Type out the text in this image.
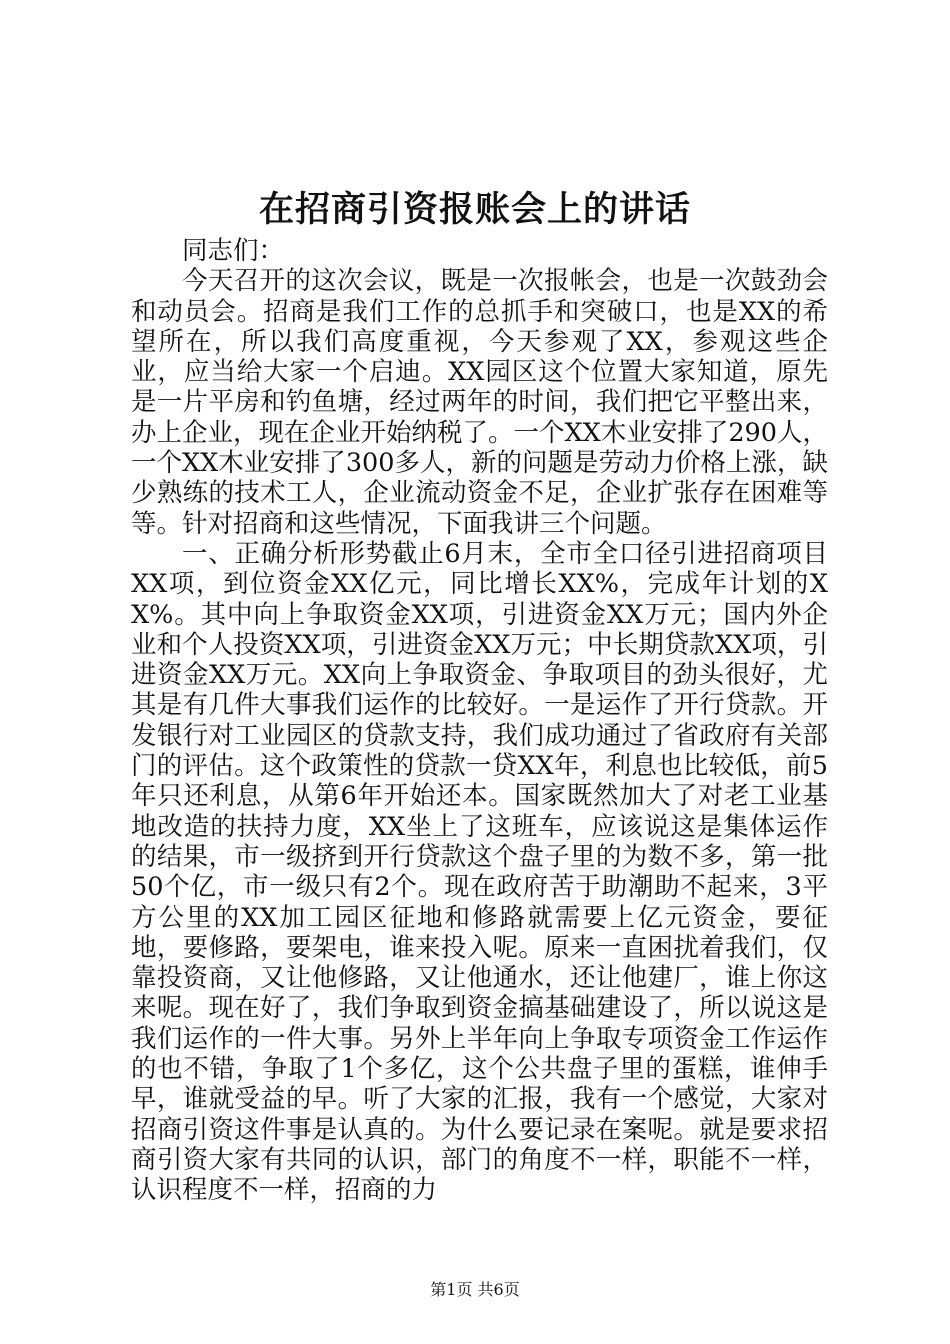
在招商引资报账会上的讲话

同志们：

今天召开的这次会议，既是一次报帐会，也是一次鼓劲会和动员会。招商是我们工作的总抓手和突破口，也是XX的希望所在，所以我们高度重视，今天参观了XX，参观这些企业，应当给大家一个启迪。XX园区这个位置大家知道，原先是一片平房和钓鱼塘，经过两年的时间，我们把它平整出来，办上企业，现在企业开始纳税了。一个XX木业安排了290人，一个XX木业安排了300多人，新的问题是劳动力价格上涨，缺少熟练的技术工人，企业流动资金不足，企业扩张存在困难等等。针对招商和这些情况，下面我讲三个问题。

一、正确分析形势截止6月末，全市全口径引进招商项目XX项，到位资金XX亿元，同比增长XX%，完成年计划的XX%。其中向上争取资金XX项，引进资金XX万元；国内外企业和个人投资XX项，引进资金XX万元；中长期贷款XX项，引进资金XX万元。XX向上争取资金、争取项目的劲头很好，尤其是有几件大事我们运作的比较好。一是运作了开行贷款。开发银行对工业园区的贷款支持，我们成功通过了省政府有关部门的评估。这个政策性的贷款一贷XX年，利息也比较低，前5年只还利息，从第6年开始还本。国家既然加大了对老工业基地改造的扶持力度，XX坐上了这班车，应该说这是集体运作的结果，市一级挤到开行贷款这个盘子里的为数不多，第一批50个亿，市一级只有2个。现在政府苦于助潮助不起来，3平方公里的XX加工园区征地和修路就需要上亿元资金，要征地，要修路，要架电，谁来投入呢。原来一直困扰着我们，仅靠投资商，又让他修路，又让他通水，还让他建厂，谁上你这来呢。现在好了，我们争取到资金搞基础建设了，所以说这是我们运作的一件大事。另外上半年向上争取专项资金工作运作的也不错，争取了1个多亿，这个公共盘子里的蛋糕，谁伸手早，谁就受益的早。听了大家的汇报，我有一个感觉，大家对招商引资这件事是认真的。为什么要记录在案呢。就是要求招商引资大家有共同的认识，部门的角度不一样，职能不一样，认识程度不一样，招商的力

第1页 共6页
